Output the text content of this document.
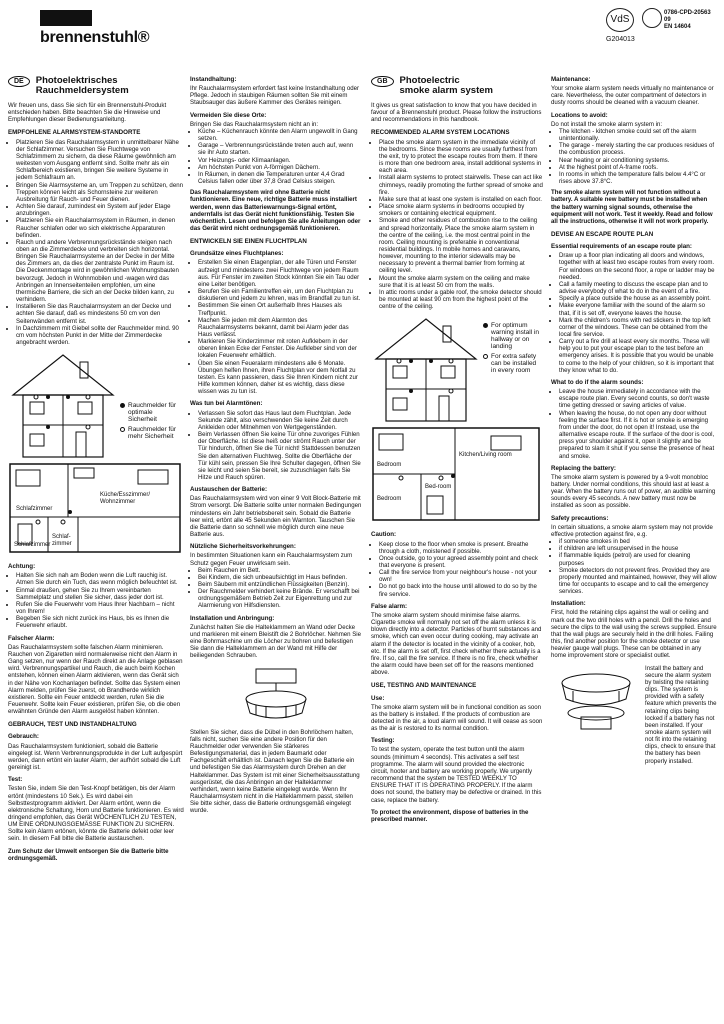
brennenstuhl®
VdS
G204013
0786-CPD-20563
09
EN 14604
DE	Photoelektrisches
Rauchmeldersystem

Wir freuen uns, dass Sie sich für ein Brennenstuhl-Produkt entschieden haben. Bitte beachten Sie die Hinweise und Empfehlungen dieser Bedienungsanleitung.

EMPFOHLENE ALARMSYSTEM-STANDORTE
• Platzieren Sie das Rauchalarmsystem in unmittelbarer Nähe der Schlafzimmer. Versuchen Sie Fluchtwege von Schlafzimmern zu sichern, da diese Räume gewöhnlich am weitesten vom Ausgang entfernt sind. Sollte mehr als ein Schlafbereich existieren, bringen Sie weitere Systeme in jedem Schlafraum an.
• Bringen Sie Alarmsysteme an, um Treppen zu schützen, denn Treppen können leicht als Schornsteine zur weiteren Ausbreitung für Rauch- und Feuer dienen.
• Achten Sie darauf, zumindest ein System auf jeder Etage anzubringen.
• Platzieren Sie ein Rauchalarmsystem in Räumen, in denen Raucher schlafen oder wo sich elektrische Apparaturen befinden.
• Rauch und andere Verbrennungsrückstände steigen nach oben an die Zimmerdecke und verbreiten sich horizontal. Bringen Sie Rauchalarmsysteme an der Decke in der Mitte des Zimmers an, da dies der zentralste Punkt im Raum ist. Die Deckenmontage wird in gewöhnlichen Wohnungsbauten bevorzugt. Jedoch in Wohnmobilen und -wagen wird das Anbringen an Innenseitenteilen empfohlen, um eine thermische Barriere, die sich an der Decke bilden kann, zu verhindern.
• Installieren Sie das Rauchalarmsystem an der Decke und achten Sie darauf, daß es mindestens 50 cm von den Seitenwänden entfernt ist.
• In Dachzimmern mit Giebel sollte der Rauchmelder mind. 90 cm vom höchsten Punkt in der Mitte der Zimmerdecke angebracht werden.
Rauchmelder für optimale Sicherheit
Rauchmelder für mehr Sicherheit
Küche/Esszimmer/ Wohnzimmer
Schlafzimmer
Schlafzimmer
Schlaf-zimmer
Achtung:
• Halten Sie sich nah am Boden wenn die Luft rauchig ist. Atmen Sie durch ein Tuch, das wenn möglich befeuchtet ist.
• Einmal draußen, gehen Sie zu Ihrem vereinbarten Sammelplatz und stellen Sie sicher, dass jeder dort ist.
• Rufen Sie die Feuerwehr vom Haus Ihrer Nachbarn – nicht von Ihrem!
• Begeben Sie sich nicht zurück ins Haus, bis es Ihnen die Feuerwehr erlaubt.
Falscher Alarm:

Das Rauchalarmsystem sollte falschen Alarm minimieren. Rauchen von Zigaretten wird normalerweise nicht den Alarm in Gang setzen, nur wenn der Rauch direkt an die Anlage geblasen wird. Verbrennungspartikel und Rauch, die auch beim Kochen entstehen, können einen Alarm aktivieren, wenn das Gerät sich in der Nähe von Kochanlagen befindet. Sollte das System einen Alarm melden, prüfen Sie zuerst, ob Brandherde wirklich existieren. Sollte ein Feuer entdeckt werden, rufen Sie die Feuerwehr. Sollte kein Feuer existieren, prüfen Sie, ob die oben erwähnten Gründe den Alarm ausgelöst haben könnten.

GEBRAUCH, TEST UND INSTANDHALTUNG
Gebrauch:

Das Rauchalarmsystem funktioniert, sobald die Batterie eingelegt ist. Wenn Verbrennungsprodukte in der Luft aufgespürt werden, dann ertönt ein lauter Alarm, der aufhört sobald die Luft gereinigt ist.

Test:

Testen Sie, indem Sie den Test-Knopf betätigen, bis der Alarm ertönt (mindestens 10 Sek.). Es wird dabei ein Selbsttestprogramm aktiviert. Der Alarm ertönt, wenn die elektronische Schaltung, Horn und Batterie funktionieren. Es wird dringend empfohlen, das Gerät WÖCHENTLICH ZU TESTEN, UM EINE ORDNUNGSGEMÄSSE FUNKTION ZU SICHERN. Sollte kein Alarm ertönen, könnte die Batterie defekt oder leer sein. In diesem Fall bitte die Batterie austauschen.

Zum Schutz der Umwelt entsorgen Sie die Batterie bitte ordnungsgemäß.

Instandhaltung:

Ihr Rauchalarmsystem erfordert fast keine Instandhaltung oder Pflege. Jedoch in staubigen Räumen sollten Sie mit einem Staubsauger das äußere Kammer des Gerätes reinigen.

Vermeiden Sie diese Orte:
Bringen Sie das Rauchalarmsystem nicht an in:
• Küche – Küchenrauch könnte den Alarm ungewollt in Gang setzen.
• Garage – Verbrennungsrückstände treten auch auf, wenn sie ihr Auto starten.
• Vor Heizungs- oder Klimaanlagen.
• Am höchsten Punkt von A-förmigen Dächern.
• In Räumen, in denen die Temperaturen unter 4,4 Grad Celsius fallen oder über 37,8 Grad Celsius steigen.

Das Rauchalarmsystem wird ohne Batterie nicht funktionieren. Eine neue, richtige Batterie muss installiert werden, wenn das Batteriewarnungs-Signal ertönt, andernfalls ist das Gerät nicht funktionsfähig. Testen Sie wöchentlich. Lesen und befolgen Sie alle Anleitungen oder das Gerät wird nicht ordnungsgemäß funktionieren.

ENTWICKELN SIE EINEN FLUCHTPLAN
Grundsätze eines Fluchtplanes:
• Erstellen Sie einen Etagenplan, der alle Türen und Fenster aufzeigt und mindestens zwei Fluchtwege von jedem Raum aus. Für Fenster im zweiten Stock könnten Sie ein Tau oder eine Leiter benötigen.
• Berufen Sie ein Familientreffen ein, um den Fluchtplan zu diskutieren und jedem zu lehren, was im Brandfall zu tun ist.
• Bestimmen Sie einen Ort außerhalb Ihres Hauses als Treffpunkt.
• Machen Sie jeden mit dem Alarmton des Rauchalarmsystems bekannt, damit bei Alarm jeder das Haus verlässt.
• Markieren Sie Kinderzimmer mit roten Aufklebern in der oberen linken Ecke der Fenster. Die Aufkleber sind von der lokalen Feuerwehr erhältlich.
• Üben Sie einen Feueralarm mindestens alle 6 Monate. Übungen helfen Ihnen, ihren Fluchtplan vor dem Notfall zu testen. Es kann passieren, dass Sie Ihren Kindern nicht zur Hilfe kommen können, daher ist es wichtig, dass diese wissen was zu tun ist.
Was tun bei Alarmtönen:
• Verlassen Sie sofort das Haus laut dem Fluchtplan. Jede Sekunde zählt, also verschwenden Sie keine Zeit durch Ankleiden oder Mitnehmen von Wertgegenständen.
• Beim Verlassen öffnen Sie keine Tür ohne zuvoriges Fühlen der Oberfläche. Ist diese heiß oder strömt Rauch unter der Tür hindurch, öffnen Sie die Tür nicht! Stattdessen benutzen Sie den alternativen Fluchtweg. Sollte die Oberfläche der Tür kühl sein, pressen Sie Ihre Schulter dagegen, öffnen Sie sie leicht und seien Sie bereit, sie zuzuschlagen falls Sie Hitze und Rauch spüren.
Austauschen der Batterie:

Das Rauchalarmsystem wird von einer 9 Volt Block-Batterie mit Strom versorgt. Die Batterie sollte unter normalen Bedingungen mindestens ein Jahr betriebsbereit sein. Sobald die Batterie leer wird, ertönt alle 45 Sekunden ein Warnton. Tauschen Sie die Batterie dann so schnell wie möglich durch eine neue Batterie aus.

Nützliche Sicherheitsvorkehrungen:
In bestimmten Situationen kann ein Rauchalarmsystem zum Schutz gegen Feuer unwirksam sein.
• Beim Rauchen im Bett.
• Bei Kindern, die sich unbeaufsichtigt im Haus befinden.
• Beim Säubern mit entzündlichen Flüssigkeiten (Benzin).
• Der Rauchmelder verhindert keine Brände. Er verschafft bei ordnungsgemäßem Betrieb Zeit zur Eigenrettung und zur Alarmierung von Hilfsdiensten.
Installation und Anbringung:

Zunächst halten Sie die Halteklammern an Wand oder Decke und markieren mit einem Bleistift die 2 Bohrlöcher. Nehmen Sie eine Bohrmaschine um die Löcher zu bohren und befestigen Sie dann die Halteklammern an der Wand mit Hilfe der beiliegenden Schrauben.

Stellen Sie sicher, dass die Dübel in den Bohrlöchern halten, falls nicht, suchen Sie eine andere Position für den Rauchmelder oder verwenden Sie stärkeres Befestigungsmaterial, das in jedem Baumarkt oder Fachgeschäft erhältlich ist. Danach legen Sie die Batterie ein und befestigen Sie das Alarmsystem durch Drehen an der Halteklammer. Das System ist mit einer Sicherheitsausstattung ausgerüstet, die das Anbringen an der Halteklammer verhindert, wenn keine Batterie eingelegt wurde. Wenn Ihr Rauchalarmsystem nicht in die Halteklammern passt, stellen Sie bitte sicher, dass die Batterie ordnungsgemäß eingelegt wurde.

GB	Photoelectric
smoke alarm system

It gives us great satisfaction to know that you have decided in favour of a Brennenstuhl product. Please follow the instructions and recommendations in this handbook.

RECOMMENDED ALARM SYSTEM LOCATIONS
• Place the smoke alarm system in the immediate vicinity of the bedrooms. Since these rooms are usually furthest from the exit, try to protect the escape routes from them. If there is more than one bedroom area, install additional systems in each area.
• Install alarm systems to protect stairwells. These can act like chimneys, readily promoting the further spread of smoke and fire.
• Make sure that at least one system is installed on each floor.
• Place smoke alarm systems in bedrooms occupied by smokers or containing electrical equipment.
• Smoke and other residues of combustion rise to the ceiling and spread horizontally. Place the smoke alarm system in the centre of the ceiling, i.e. the most central point in the room. Ceiling mounting is preferable in conventional residential buildings. In mobile homes and caravans, however, mounting to the interior sidewalls may be necessary to prevent a thermal barrier from forming at ceiling level.
• Mount the smoke alarm system on the ceiling and make sure that it is at least 50 cm from the walls.
• In attic rooms under a gable roof, the smoke detector should be mounted at least 90 cm from the highest point of the centre of the ceiling.
For optimum warning install in hallway or on landing
For extra safety can be installed in every room
Kitchen/Living room
Bedroom
Bedroom
Bed-room
Caution:
• Keep close to the floor when smoke is present. Breathe through a cloth, moistened if possible.
• Once outside, go to your agreed assembly point and check that everyone is present.
• Call the fire service from your neighbour's house - not your own!
• Do not go back into the house until allowed to do so by the fire service.
False alarm:

The smoke alarm system should minimise false alarms. Cigarette smoke will normally not set off the alarm unless it is blown directly into a detector. Particles of burnt substances and smoke, which can even occur during cooking, may activate an alarm if the detector is located in the vicinity of a cooker, hob, etc. If the alarm is set off, first check whether there actually is a fire. If so, call the fire service. If there is no fire, check whether the alarm could have been set off for the reasons mentioned above.

USE, TESTING AND MAINTENANCE
Use:

The smoke alarm system will be in functional condition as soon as the battery is installed. If the products of combustion are detected in the air, a loud alarm will sound. It will cease as soon as the air is restored to its normal condition.

Testing:

To test the system, operate the test button until the alarm sounds (minimum 4 seconds). This activates a self test programme. The alarm will sound provided the electronic circuit, hooter and battery are working properly. We urgently recommend that the system be TESTED WEEKLY TO ENSURE THAT IT IS OPERATING PROPERLY. If the alarm does not sound, the battery may be defective or drained. In this case, replace the battery.

To protect the environment, dispose of batteries in the prescribed manner.

Maintenance:

Your smoke alarm system needs virtually no maintenance or care. Nevertheless, the outer compartment of detectors in dusty rooms should be cleaned with a vacuum cleaner.

Locations to avoid:
Do not install the smoke alarm system in:
• The kitchen - kitchen smoke could set off the alarm unintentionally.
• The garage - merely starting the car produces residues of the combustion process.
• Near heating or air conditioning systems.
• At the highest point of A-frame roofs.
• In rooms in which the temperature falls below 4.4°C or rises above 37.8°C.

The smoke alarm system will not function without a battery. A suitable new battery must be installed when the battery warning signal sounds, otherwise the equipment will not work. Test it weekly. Read and follow all the instructions, otherwise it will not work properly.

DEVISE AN ESCAPE ROUTE PLAN
Essential requirements of an escape route plan:
• Draw up a floor plan indicating all doors and windows, together with at least two escape routes from every room. For windows on the second floor, a rope or ladder may be needed.
• Call a family meeting to discuss the escape plan and to advise everybody of what to do in the event of a fire.
• Specify a place outside the house as an assembly point.
• Make everyone familiar with the sound of the alarm so that, if it is set off, everyone leaves the house.
• Mark the children's rooms with red stickers in the top left corner of the windows. These can be obtained from the local fire service.
• Carry out a fire drill at least every six months. These will help you to put your escape plan to the test before an emergency arises. It is possible that you would be unable to come to the help of your children, so it is important that they know what to do.
What to do if the alarm sounds:
• Leave the house immediately in accordance with the escape route plan. Every second counts, so don't waste time getting dressed or saving articles of value.
• When leaving the house, do not open any door without feeling the surface first. If it is hot or smoke is emerging from under the door, do not open it! Instead, use the alternative escape route. If the surface of the door is cool, press your shoulder against it, open it slightly and be prepared to slam it shut if you sense the presence of heat and smoke.
Replacing the battery:

The smoke alarm system is powered by a 9-volt monobloc battery. Under normal conditions, this should last at least a year. When the battery runs out of power, an audible warning sounds every 45 seconds. A new battery must now be installed as soon as possible.

Safety precautions:
In certain situations, a smoke alarm system may not provide effective protection against fire, e.g.
• if someone smokes in bed
• if children are left unsupervised in the house
• if flammable liquids (petrol) are used for cleaning purposes
• Smoke detectors do not prevent fires. Provided they are properly mounted and maintained, however, they will allow time for occupants to escape and to call the emergency services.
Installation:

First, hold the retaining clips against the wall or ceiling and mark out the two drill holes with a pencil. Drill the holes and secure the clips to the wall using the screws supplied. Ensure that the wall plugs are securely held in the drill holes. Failing this, find another position for the smoke detector or use heavier gauge wall plugs. These can be obtained in any home improvement store or specialist outlet.

Install the battery and secure the alarm system by twisting the retaining clips. The system is provided with a safety feature which prevents the retaining clips being locked if a battery has not been installed. If your smoke alarm system will not fit into the retaining clips, check to ensure that the battery has been properly installed.
